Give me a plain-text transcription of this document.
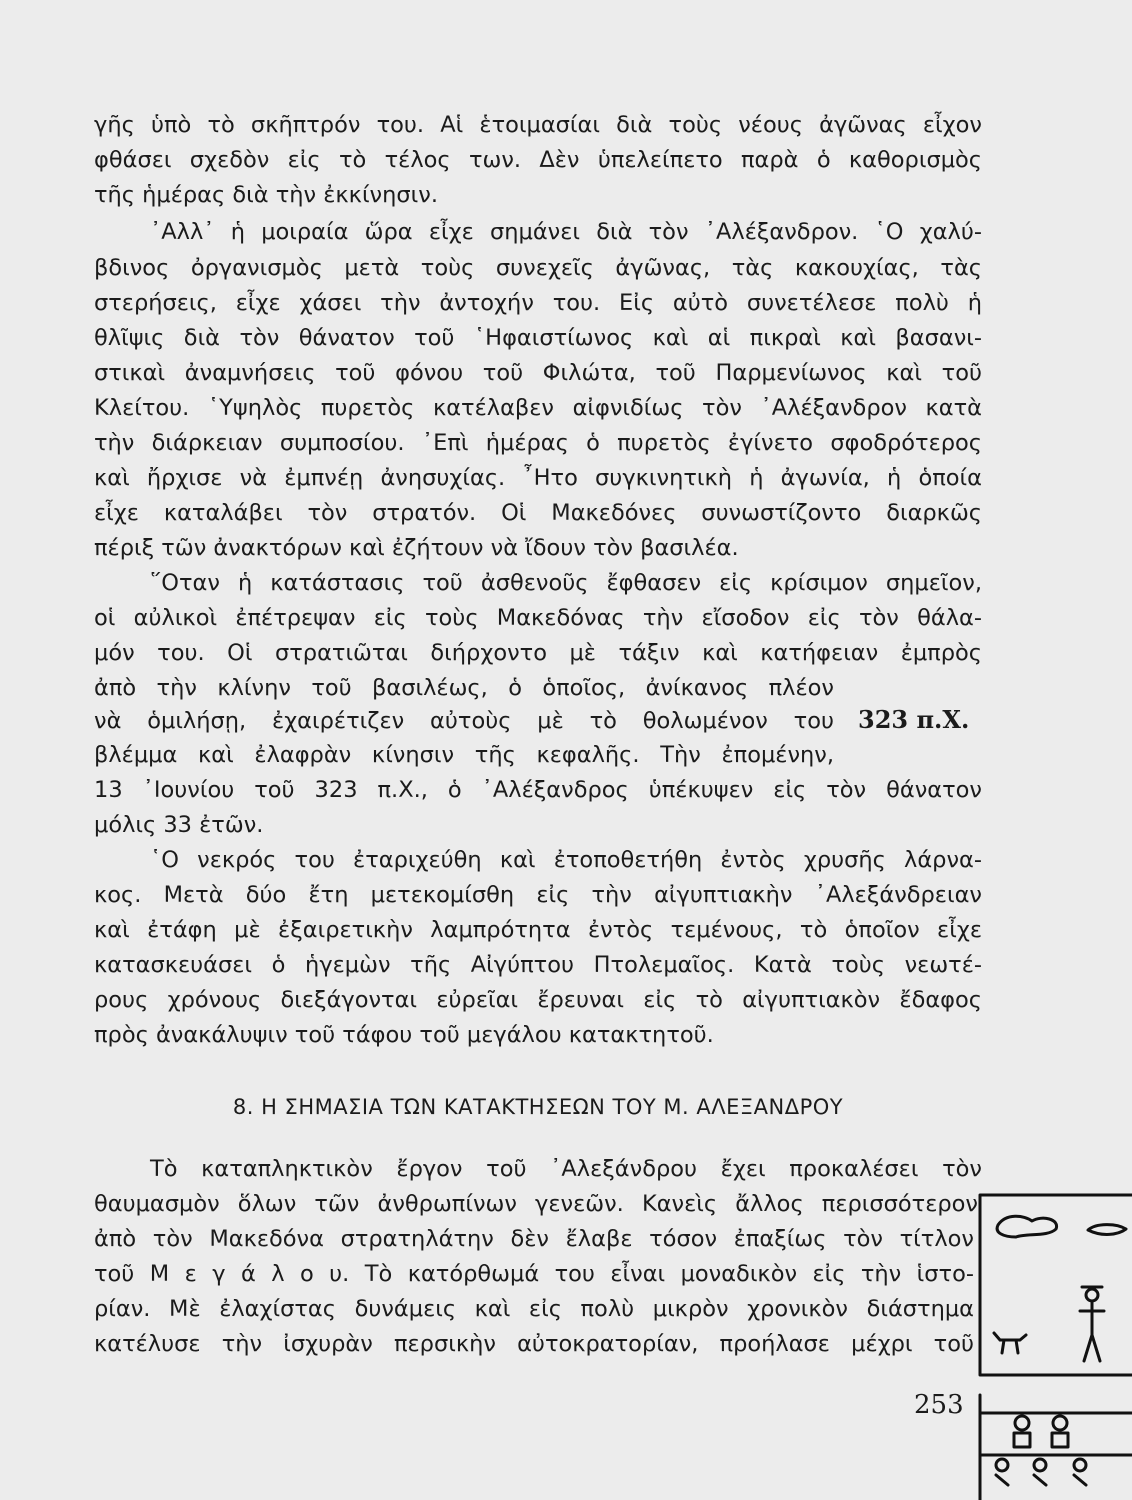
γῆς ὑπὸ τὸ σκῆπτρόν του. Αἱ ἑτοιμασίαι διὰ τοὺς νέους ἀγῶνας εἶχον
φθάσει σχεδὸν εἰς τὸ τέλος των. Δὲν ὑπελείπετο παρὰ ὁ καθορισμὸς
τῆς ἡμέρας διὰ τὴν ἐκκίνησιν.
᾿Αλλ᾿ ἡ μοιραία ὥρα εἶχε σημάνει διὰ τὸν ᾿Αλέξανδρον. ῾Ο χαλύ-
βδινος ὀργανισμὸς μετὰ τοὺς συνεχεῖς ἀγῶνας, τὰς κακουχίας, τὰς
στερήσεις, εἶχε χάσει τὴν ἀντοχήν του. Εἰς αὐτὸ συνετέλεσε πολὺ ἡ
θλῖψις διὰ τὸν θάνατον τοῦ ῾Ηφαιστίωνος καὶ αἱ πικραὶ καὶ βασανι-
στικαὶ ἀναμνήσεις τοῦ φόνου τοῦ Φιλώτα, τοῦ Παρμενίωνος καὶ τοῦ
Κλείτου. ῾Υψηλὸς πυρετὸς κατέλαβεν αἰφνιδίως τὸν ᾿Αλέξανδρον κατὰ
τὴν διάρκειαν συμποσίου. ᾿Επὶ ἡμέρας ὁ πυρετὸς ἐγίνετο σφοδρότερος
καὶ ἤρχισε νὰ ἐμπνέῃ ἀνησυχίας. ῏Ητο συγκινητικὴ ἡ ἀγωνία, ἡ ὁποία
εἶχε καταλάβει τὸν στρατόν. Οἱ Μακεδόνες συνωστίζοντο διαρκῶς
πέριξ τῶν ἀνακτόρων καὶ ἐζήτουν νὰ ἴδουν τὸν βασιλέα.
῞Οταν ἡ κατάστασις τοῦ ἀσθενοῦς ἔφθασεν εἰς κρίσιμον σημεῖον,
οἱ αὐλικοὶ ἐπέτρεψαν εἰς τοὺς Μακεδόνας τὴν εἴσοδον εἰς τὸν θάλα-
μόν του. Οἱ στρατιῶται διήρχοντο μὲ τάξιν καὶ κατήφειαν ἐμπρὸς
ἀπὸ τὴν κλίνην τοῦ βασιλέως, ὁ ὁποῖος, ἀνίκανος πλέον
νὰ ὁμιλήσῃ, ἐχαιρέτιζεν αὐτοὺς μὲ τὸ θολωμένον του 323 π.Χ.
βλέμμα καὶ ἐλαφρὰν κίνησιν τῆς κεφαλῆς. Τὴν ἐπομένην,
13 ᾿Ιουνίου τοῦ 323 π.Χ., ὁ ᾿Αλέξανδρος ὑπέκυψεν εἰς τὸν θάνατον
μόλις 33 ἐτῶν.
῾Ο νεκρός του ἐταριχεύθη καὶ ἐτοποθετήθη ἐντὸς χρυσῆς λάρνα-
κος. Μετὰ δύο ἔτη μετεκομίσθη εἰς τὴν αἰγυπτιακὴν ᾿Αλεξάνδρειαν
καὶ ἐτάφη μὲ ἐξαιρετικὴν λαμπρότητα ἐντὸς τεμένους, τὸ ὁποῖον εἶχε
κατασκευάσει ὁ ἡγεμὼν τῆς Αἰγύπτου Πτολεμαῖος. Κατὰ τοὺς νεωτέ-
ρους χρόνους διεξάγονται εὐρεῖαι ἔρευναι εἰς τὸ αἰγυπτιακὸν ἔδαφος
πρὸς ἀνακάλυψιν τοῦ τάφου τοῦ μεγάλου κατακτητοῦ.
8. Η ΣΗΜΑΣΙΑ ΤΩΝ ΚΑΤΑΚΤΗΣΕΩΝ ΤΟΥ Μ. ΑΛΕΞΑΝΔΡΟΥ
Τὸ καταπληκτικὸν ἔργον τοῦ ᾿Αλεξάνδρου ἔχει προκαλέσει τὸν
θαυμασμὸν ὅλων τῶν ἀνθρωπίνων γενεῶν. Κανεὶς ἄλλος περισσότερον
ἀπὸ τὸν Μακεδόνα στρατηλάτην δὲν ἔλαβε τόσον ἐπαξίως τὸν τίτλον
τοῦ Μ ε γ ά λ ο υ. Τὸ κατόρθωμά του εἶναι μοναδικὸν εἰς τὴν ἱστο-
ρίαν. Μὲ ἐλαχίστας δυνάμεις καὶ εἰς πολὺ μικρὸν χρονικὸν διάστημα
κατέλυσε τὴν ἰσχυρὰν περσικὴν αὐτοκρατορίαν, προήλασε μέχρι τοῦ
253
